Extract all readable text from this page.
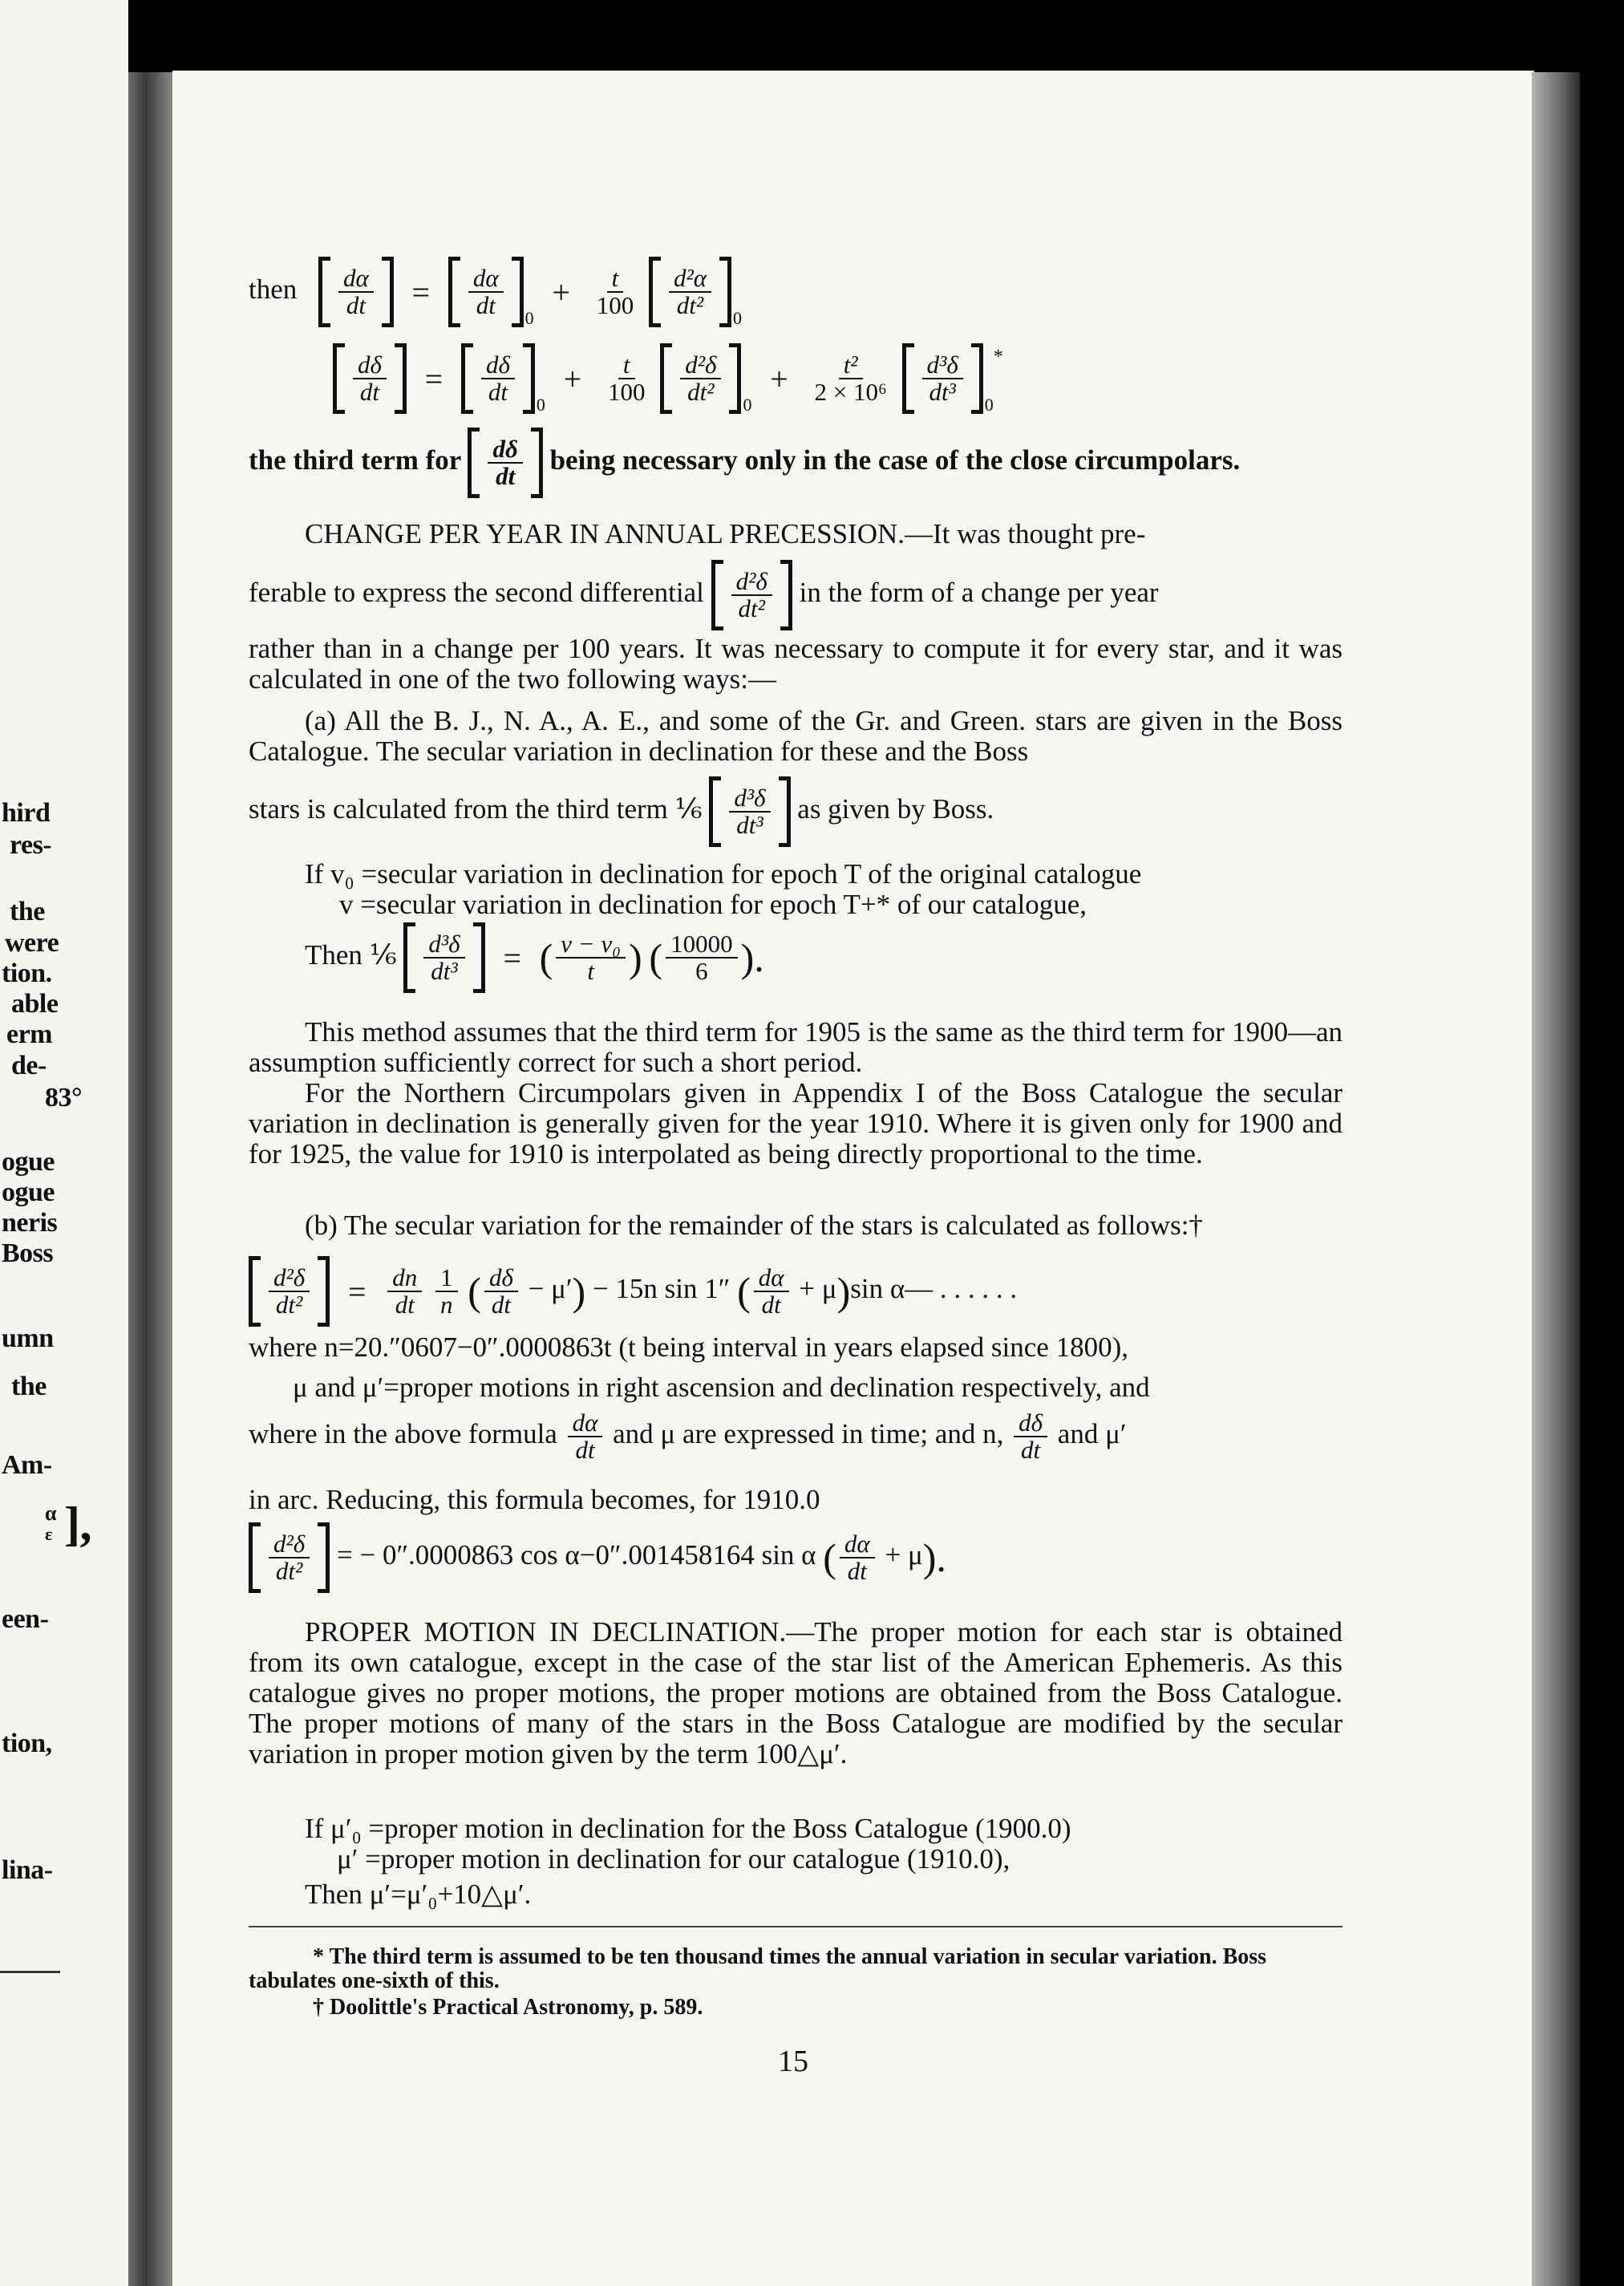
hird
res-
the
were
tion.
able
erm
de-
83°
ogue
ogue
neris
Boss
umn
the
Am-
α
ε ],
een-
tion,
lina-
then $\frac{d\alpha}{dt} = \frac{d\alpha}{dt} _0 + \frac{t}{100}$
$\frac{\text{d²α}}{\text{dt²}} _0$
$\frac{d\delta}{dt} = \frac{d\delta}{dt} _0 + \frac{t}{100}$
$\frac{\text{d²δ}}{\text{dt²}} _0 + \frac{\text{t²}}{\text{2 × 10⁶}}$
$\frac{\text{d³δ}}{\text{dt³}} _0^*$
the third term for $\frac{d\delta}{dt}$ being necessary only in the case of the close circumpolars.
CHANGE PER YEAR IN ANNUAL PRECESSION.—It was thought pre-
ferable to express the second differential $\frac{\text{d²δ}}{\text{dt²}}$ in the form of a change per year

rather than in a change per 100 years. It was necessary to compute it for every star, and it was calculated in one of the two following ways:—

(a) All the B. J., N. A., A. E., and some of the Gr. and Green. stars are given in the Boss Catalogue. The secular variation in declination for these and the Boss

stars is calculated from the third term ⅙ $\frac{\text{d³δ}}{\text{dt³}}$ as given by Boss.
If v₀ =secular variation in declination for epoch T of the original catalogue
v =secular variation in declination for epoch T+* of our catalogue,
Then ⅙ $\frac{\text{d³δ}}{\text{dt³}}$ = ( $\frac{\text{v − v₀}}{t}$ ) ( $\frac{10000}{6}$ ).

This method assumes that the third term for 1905 is the same as the third term for 1900—an assumption sufficiently correct for such a short period.

For the Northern Circumpolars given in Appendix I of the Boss Catalogue the secular variation in declination is generally given for the year 1910. Where it is given only for 1900 and for 1925, the value for 1910 is interpolated as being directly proportional to the time.

(b) The secular variation for the remainder of the stars is calculated as follows:†
$\frac{\text{d²δ}}{\text{dt²}} = \frac{dn}{dt}$
$\frac{1}{n}$ ( $\frac{d\delta}{dt} - \mu') - 15n$ sin 1″ ( $\frac{d\alpha}{dt} + \mu)\sin$ α— . . . . . .
where n=20.″0607−0″.0000863t (t being interval in years elapsed since 1800),
μ and μ′=proper motions in right ascension and declination respectively, and
where in the above formula $\frac{d\alpha}{dt}$ and μ are expressed in time; and n, $\frac{d\delta}{dt}$ and μ′
in arc. Reducing, this formula becomes, for 1910.0
$\frac{\text{d²δ}}{\text{dt²}}$ = − 0″.0000863 cos α−0″.001458164 sin α ( $\frac{d\alpha}{dt} + \mu$).

PROPER MOTION IN DECLINATION.—The proper motion for each star is obtained from its own catalogue, except in the case of the star list of the American Ephemeris. As this catalogue gives no proper motions, the proper motions are obtained from the Boss Catalogue. The proper motions of many of the stars in the Boss Catalogue are modified by the secular variation in proper motion given by the term 100△μ′.

If μ′₀ =proper motion in declination for the Boss Catalogue (1900.0)
μ′ =proper motion in declination for our catalogue (1910.0),
Then μ′=μ′₀+10△μ′.

* The third term is assumed to be ten thousand times the annual variation in secular variation. Boss tabulates one-sixth of this.

† Doolittle's Practical Astronomy, p. 589.
15
